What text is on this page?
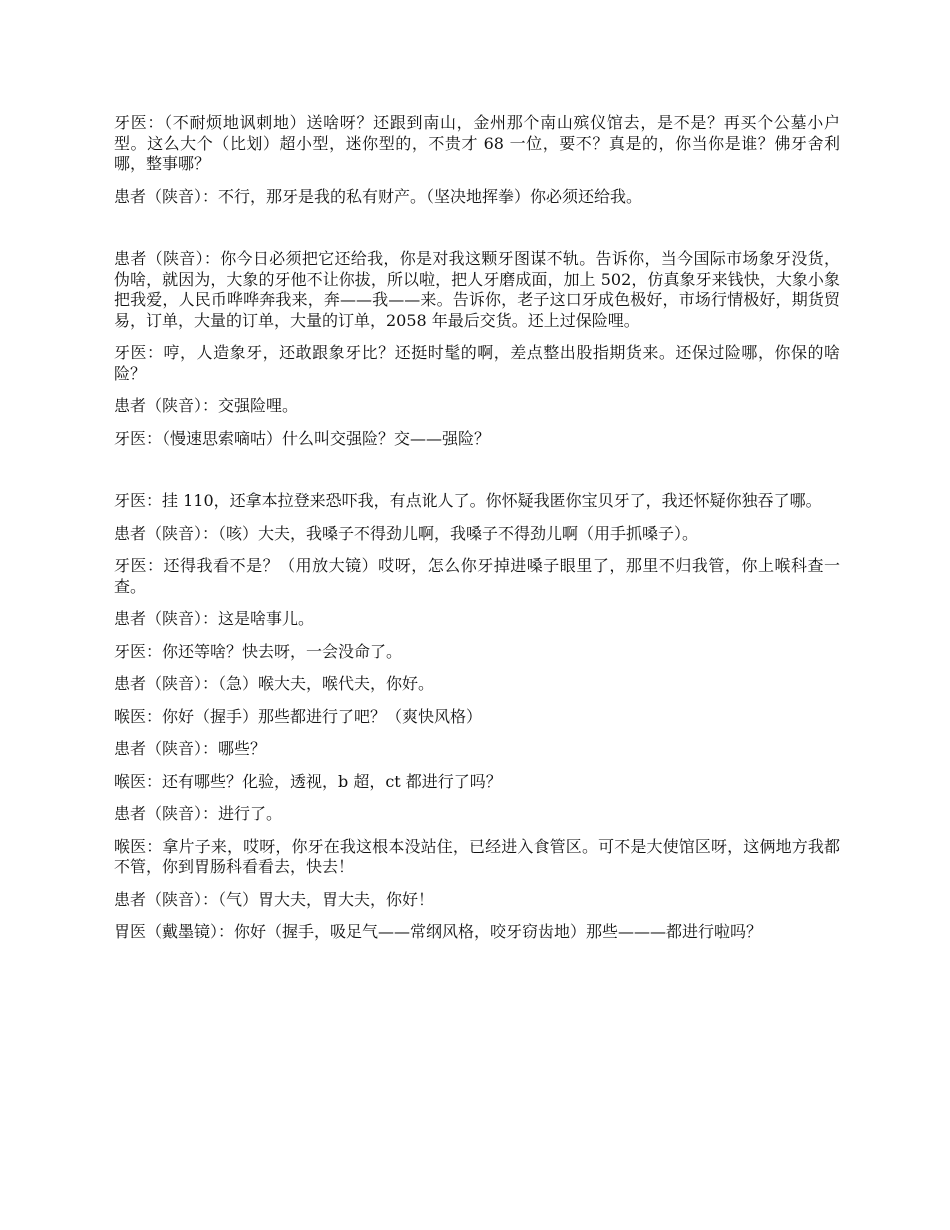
牙医：（不耐烦地讽刺地）送啥呀？还跟到南山，金州那个南山殡仪馆去，是不是？再买个公墓小户型。这么大个（比划）超小型，迷你型的，不贵才 68 一位，要不？真是的，你当你是谁？佛牙舍利哪，整事哪？

患者（陕音）：不行，那牙是我的私有财产。（坚决地挥拳）你必须还给我。

患者（陕音）：你今日必须把它还给我，你是对我这颗牙图谋不轨。告诉你，当今国际市场象牙没货，伪啥，就因为，大象的牙他不让你拔，所以啦，把人牙磨成面，加上 502，仿真象牙来钱快，大象小象把我爱，人民币哗哗奔我来，奔——我——来。告诉你，老子这口牙成色极好，市场行情极好，期货贸易，订单，大量的订单，大量的订单，2058 年最后交货。还上过保险哩。

牙医：哼，人造象牙，还敢跟象牙比？还挺时髦的啊，差点整出股指期货来。还保过险哪，你保的啥险？

患者（陕音）：交强险哩。

牙医：（慢速思索嘀咕）什么叫交强险？交——强险？

牙医：挂 110，还拿本拉登来恐吓我，有点讹人了。你怀疑我匿你宝贝牙了，我还怀疑你独吞了哪。

患者（陕音）：（咳）大夫，我嗓子不得劲儿啊，我嗓子不得劲儿啊（用手抓嗓子）。

牙医：还得我看不是？（用放大镜）哎呀，怎么你牙掉进嗓子眼里了，那里不归我管，你上喉科查一查。

患者（陕音）：这是啥事儿。

牙医：你还等啥？快去呀，一会没命了。

患者（陕音）：（急）喉大夫，喉代夫，你好。

喉医：你好（握手）那些都进行了吧？（爽快风格）

患者（陕音）：哪些？

喉医：还有哪些？化验，透视，b 超，ct 都进行了吗？

患者（陕音）：进行了。

喉医：拿片子来，哎呀，你牙在我这根本没站住，已经进入食管区。可不是大使馆区呀，这俩地方我都不管，你到胃肠科看看去，快去！

患者（陕音）：（气）胃大夫，胃大夫，你好！

胃医（戴墨镜）：你好（握手，吸足气——常纲风格，咬牙窃齿地）那些———都进行啦吗？
